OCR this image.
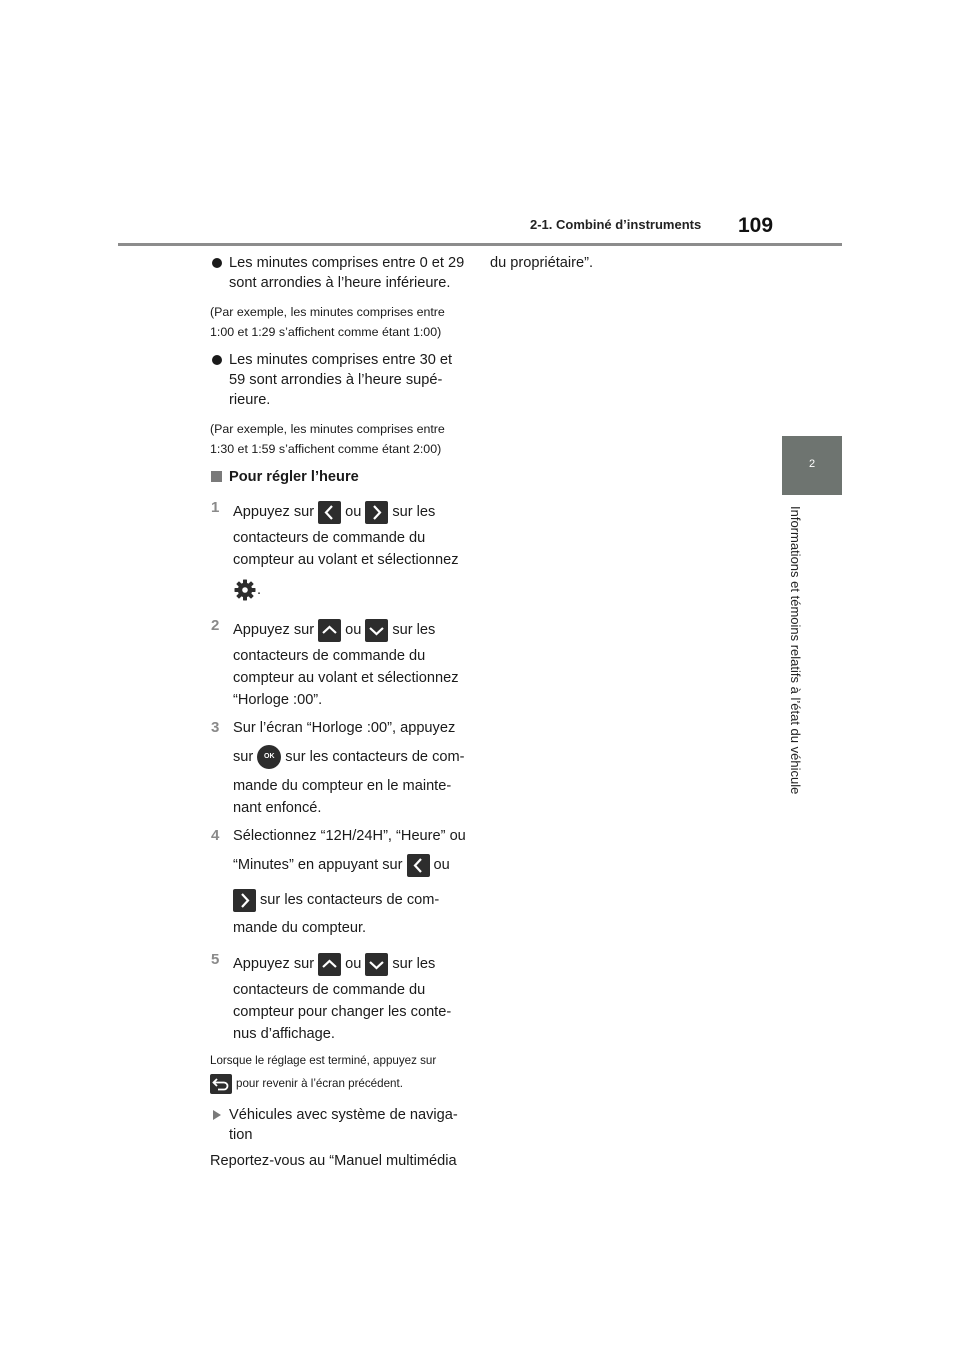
2-1. Combiné d’instruments 109
2
Informations et témoins relatifs à l’état du véhicule
Les minutes comprises entre 0 et 29 sont arrondies à l’heure inférieure.
(Par exemple, les minutes comprises entre 1:00 et 1:29 s’affichent comme étant 1:00)
Les minutes comprises entre 30 et 59 sont arrondies à l’heure supé-rieure.
(Par exemple, les minutes comprises entre 1:30 et 1:59 s’affichent comme étant 2:00)
Pour régler l’heure
1 Appuyez sur ou sur les
contacteurs de commande du
compteur au volant et sélectionnez
.
2 Appuyez sur ou sur les
contacteurs de commande du
compteur au volant et sélectionnez
“Horloge :00”.
3 Sur l’écran “Horloge :00”, appuyez
sur	OK sur les contacteurs de com-
mande du compteur en le mainte-
nant enfoncé.
4 Sélectionnez “12H/24H”, “Heure” ou
“Minutes” en appuyant sur ou
sur les contacteurs de com-
mande du compteur.
5 Appuyez sur ou sur les
contacteurs de commande du
compteur pour changer les conte-
nus d’affichage.
Lorsque le réglage est terminé, appuyez sur
pour revenir à l’écran précédent.
Véhicules avec système de naviga-tion
Reportez-vous au “Manuel multimédia
du propriétaire”.
